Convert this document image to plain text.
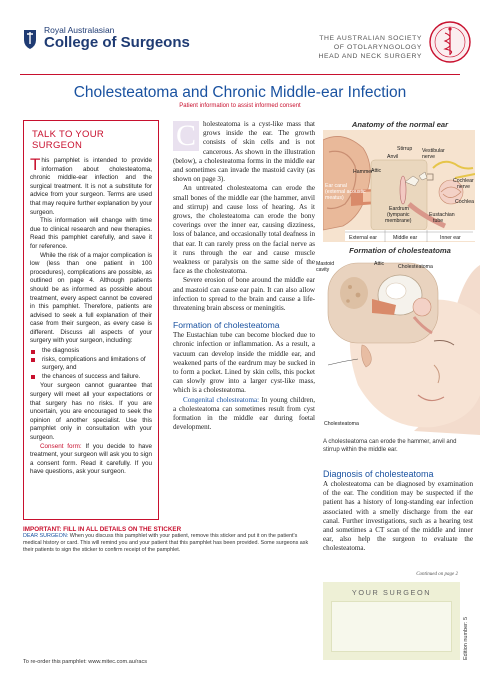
Royal Australasian
College of Surgeons	THE AUSTRALIAN SOCIETY
OF OTOLARYNGOLOGY
HEAD AND NECK SURGERY
Cholesteatoma and Chronic Middle-ear Infection
Patient information to assist informed consent
TALK TO YOUR SURGEON

This pamphlet is intended to provide information about cholesteatoma, chronic middle-ear infection and the surgical treatment. It is not a substitute for advice from your surgeon. Terms are used that may require further explanation by your surgeon.

This information will change with time due to clinical research and new therapies. Read this pamphlet carefully, and save it for reference.

While the risk of a major complication is low (less than one patient in 100 procedures), complications are possible, as outlined on page 4. Although patients should be as informed as possible about treatment, every aspect cannot be covered in this pamphlet. Therefore, patients are advised to seek a full explanation of their case from their surgeon, as every case is different. Discuss all aspects of your surgery with your surgeon, including:

the diagnosis
risks, complications and limitations of surgery, and
the chances of success and failure.

Your surgeon cannot guarantee that surgery will meet all your expectations or that surgery has no risks. If you are uncertain, you are encouraged to seek the opinion of another specialist. Use this pamphlet only in consultation with your surgeon.

Consent form: If you decide to have treatment, your surgeon will ask you to sign a consent form. Read it carefully. If you have questions, ask your surgeon.

C holesteatoma is a cyst-like mass that grows inside the ear. The growth consists of skin cells and is not cancerous. As shown in the illustration (below), a cholesteatoma forms in the middle ear and sometimes can invade the mastoid cavity (as shown on page 3).

An untreated cholesteatoma can erode the small bones of the middle ear (the hammer, anvil and stirrup) and cause loss of hearing. As it grows, the cholesteatoma can erode the bony coverings over the inner ear, causing dizziness, loss of balance, and occasionally total deafness in that ear. It can rarely press on the facial nerve as it runs through the ear and cause muscle weakness or paralysis on the same side of the face as the cholesteatoma.

Severe erosion of bone around the middle ear and mastoid can cause ear pain. It can also allow infection to spread to the brain and cause a life-threatening brain abscess or meningitis.

Formation of cholesteatoma

The Eustachian tube can become blocked due to chronic infection or inflammation. As a result, a vacuum can develop inside the middle ear, and weakened parts of the eardrum may be sucked in to form a pocket. Lined by skin cells, this pocket can slowly grow into a larger cyst-like mass, which is a cholesteatoma.

Congenital cholesteatoma: In young children, a cholesteatoma can sometimes result from cyst formation in the middle ear during foetal development.

IMPORTANT: FILL IN ALL DETAILS ON THE STICKER
DEAR SURGEON: When you discuss this pamphlet with your patient, remove this sticker and put it on the patient's medical history or card. This will remind you and your patient that this pamphlet has been provided. Some surgeons ask their patients to sign the sticker to confirm receipt of the pamphlet.
To re-order this pamphlet: www.mitec.com.au/racs
Anatomy of the normal ear
Attic
Stirrup Vestibular
nerve
Anvil
Hammer
Cochlear
nerve
Ear canal
(external acoustic
meatus)
Cochlea
Eardrum
(tympanic
membrane)
Eustachian
tube
External ear	Middle ear	Inner ear
Formation of cholesteatoma
Mastoid
cavity
Attic	Cholesteatoma
Cholesteatoma
A cholesteatoma can erode the hammer, anvil and stirrup within the middle ear.
Diagnosis of cholesteatoma

A cholesteatoma can be diagnosed by examination of the ear. The condition may be suspected if the patient has a history of long-standing ear infection associated with a smelly discharge from the ear canal. Further investigations, such as a hearing test and sometimes a CT scan of the middle and inner ear, also help the surgeon to evaluate the cholesteatoma.

Continued on page 2
YOUR SURGEON
Edition number: 5
